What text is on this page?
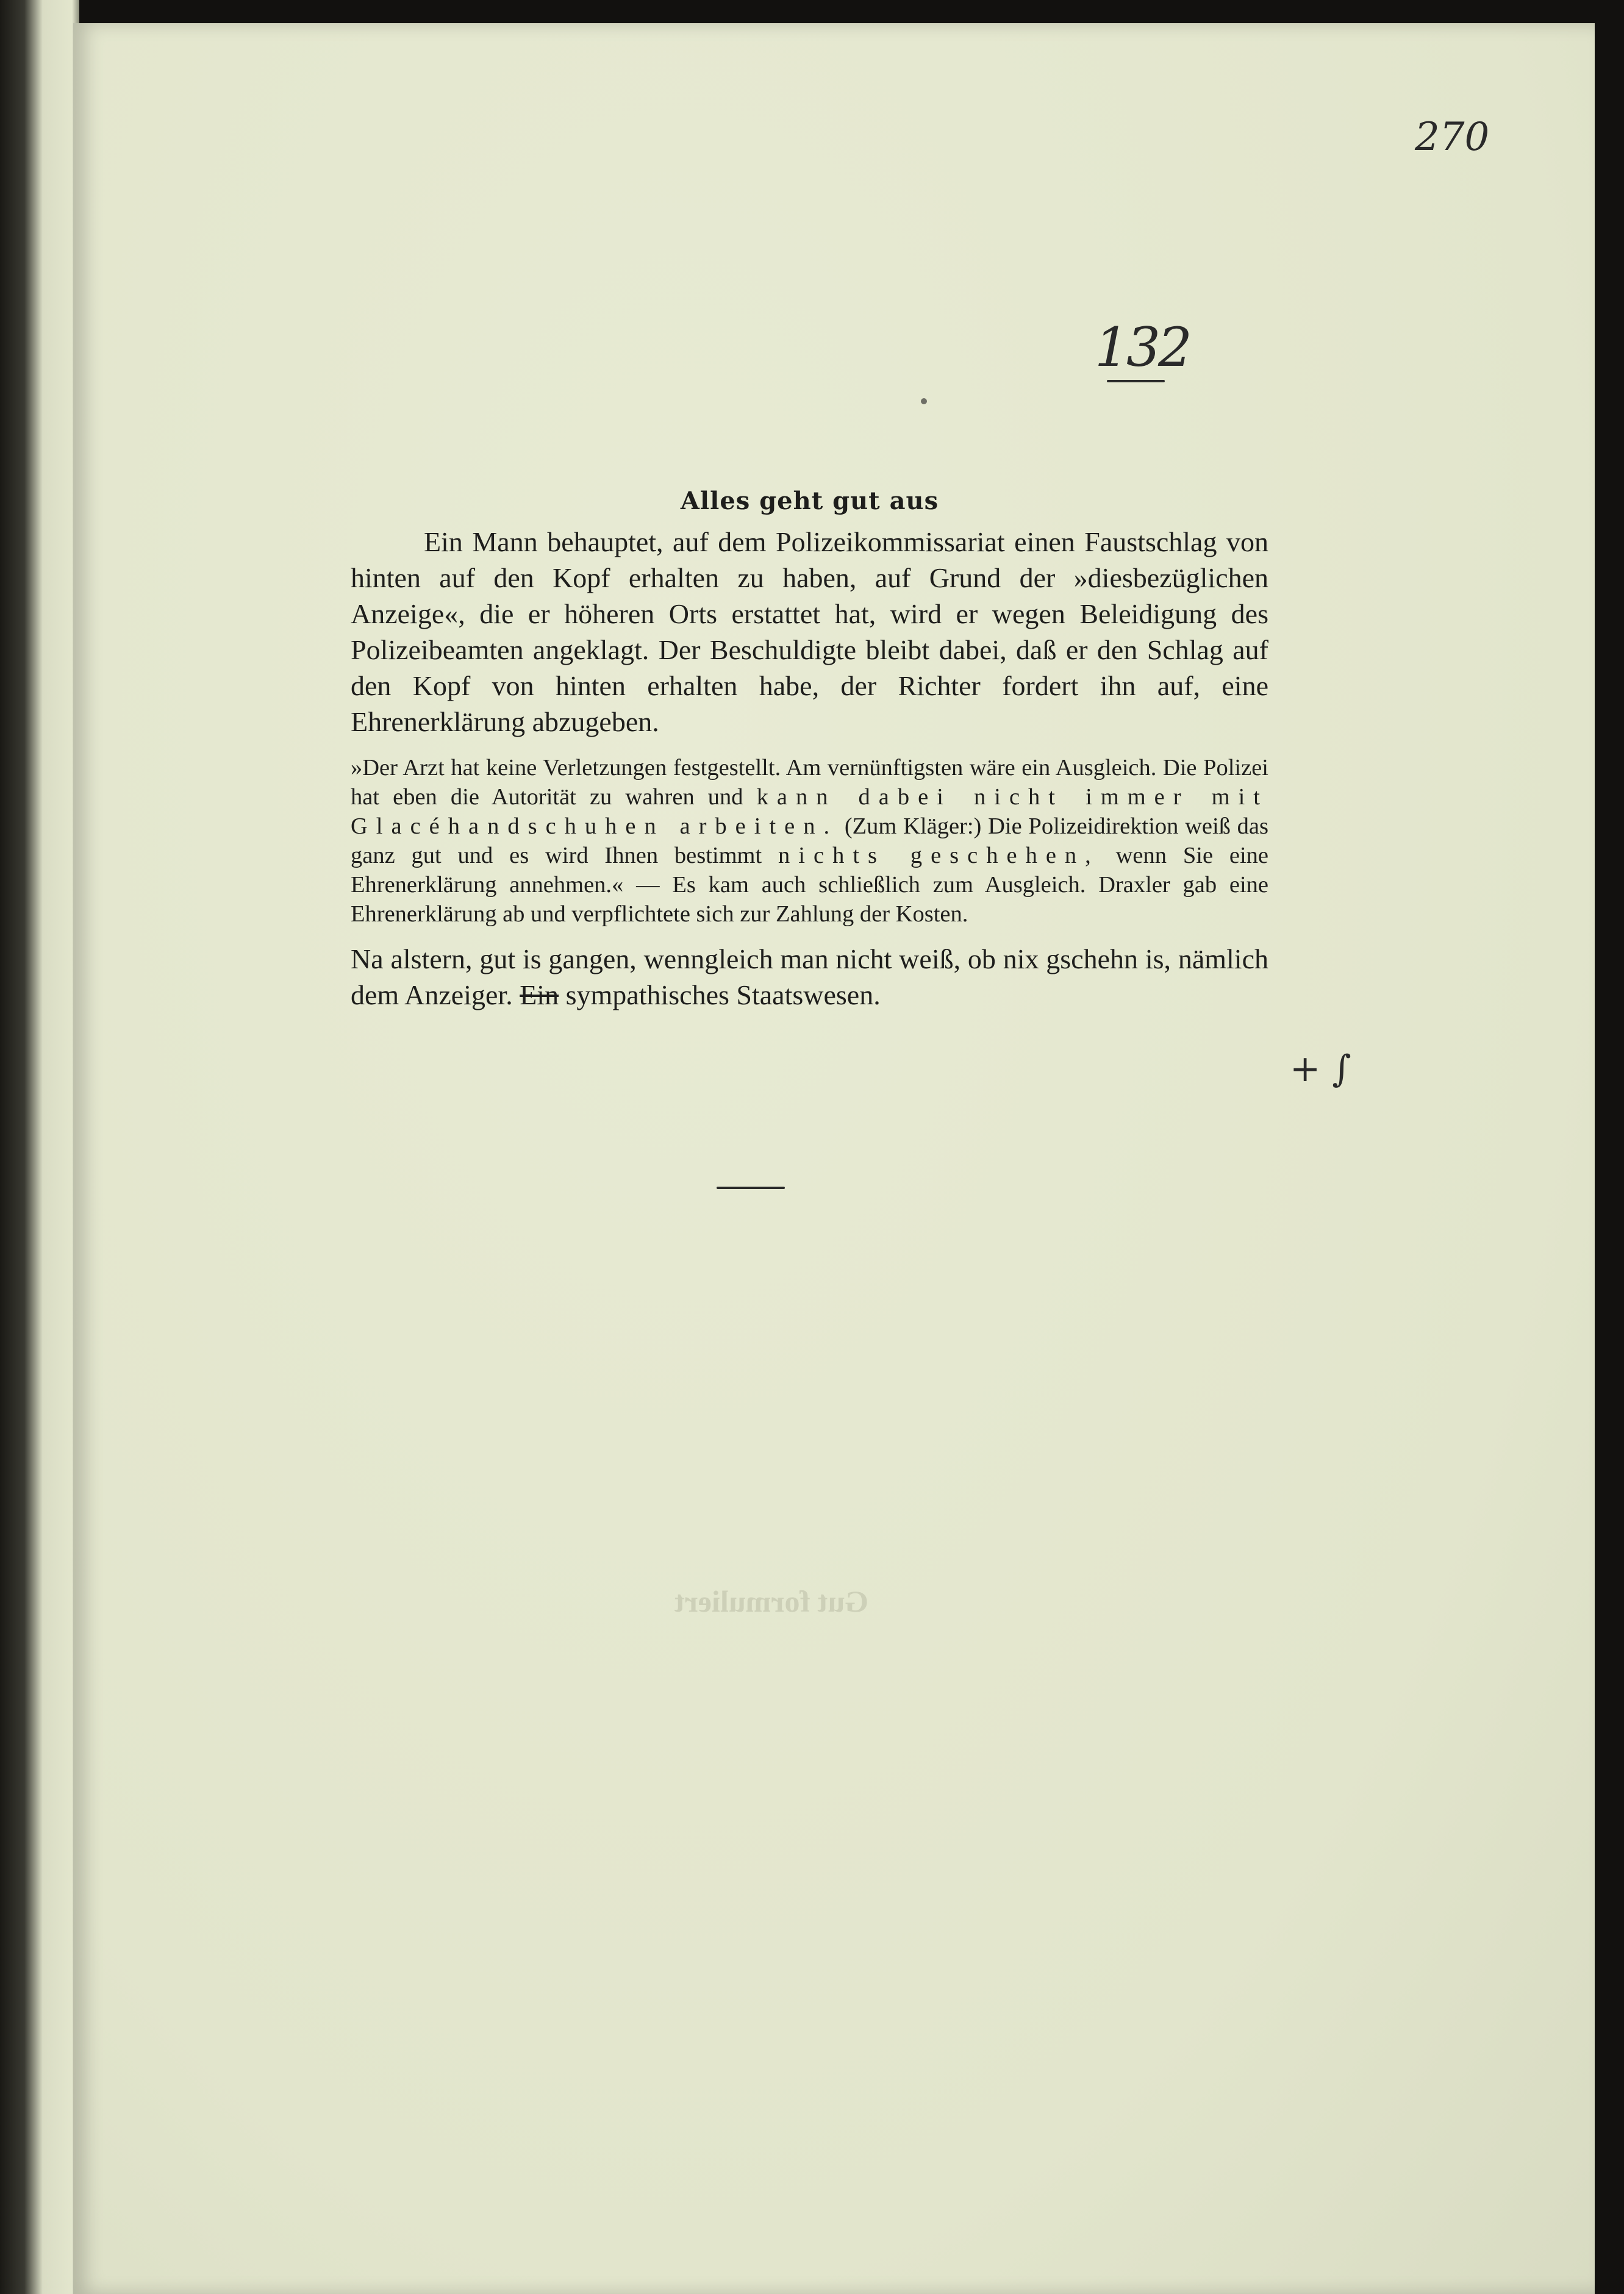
270
132

Alles geht gut aus

Ein Mann behauptet, auf dem Polizeikommissariat einen Faustschlag von hinten auf den Kopf erhalten zu haben, auf Grund der »diesbezüglichen Anzeige«, die er höheren Orts erstattet hat, wird er wegen Beleidigung des Polizeibeamten angeklagt. Der Beschuldigte bleibt dabei, daß er den Schlag auf den Kopf von hinten erhalten habe, der Richter fordert ihn auf, eine Ehrenerklärung abzugeben.

»Der Arzt hat keine Verletzungen festgestellt. Am vernünftigsten wäre ein Ausgleich. Die Polizei hat eben die Autorität zu wahren und kann dabei nicht immer mit Glacéhandschuhen arbeiten. (Zum Kläger:) Die Polizeidirektion weiß das ganz gut und es wird Ihnen bestimmt nichts geschehen, wenn Sie eine Ehrenerklärung annehmen.« — Es kam auch schließlich zum Ausgleich. Draxler gab eine Ehrenerklärung ab und verpflichtete sich zur Zahlung der Kosten.

Na alstern, gut is gangen, wenngleich man nicht weiß, ob nix gschehn is, nämlich dem Anzeiger. Ein sympathisches Staatswesen.

+ ∫
Gut formuliert
